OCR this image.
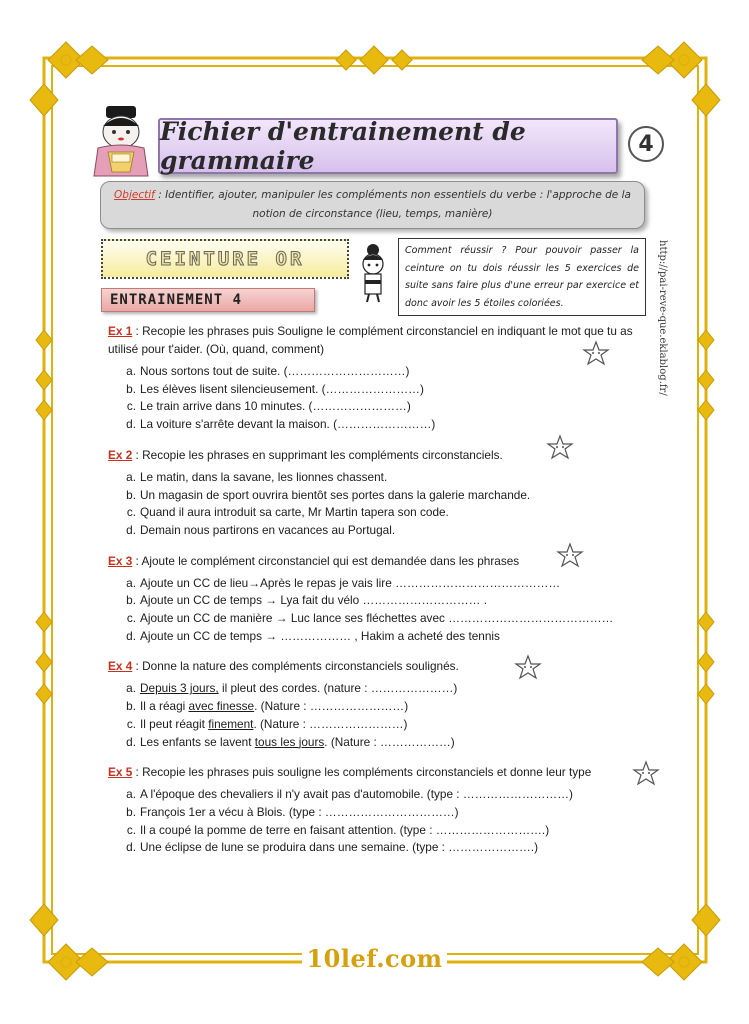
Fichier d'entrainement de grammaire
4
Objectif : Identifier, ajouter, manipuler les compléments non essentiels du verbe : l'approche de la
notion de circonstance (lieu, temps, manière)
CEINTURE OR
ENTRAINEMENT 4
Comment réussir ? Pour pouvoir passer la ceinture on tu dois réussir les 5 exercices de suite sans faire plus d'une erreur par exercice et donc avoir les 5 étoiles coloriées.	http://pai-reve-que.eklablog.fr/

Ex 1 : Recopie les phrases puis Souligne le complément circonstanciel en indiquant le mot que tu as utilisé pour t'aider. (Où, quand, comment)

a. Nous sortons tout de suite. (…………………………)
b. Les élèves lisent silencieusement. (……………………)
c. Le train arrive dans 10 minutes. (……………………)
d. La voiture s'arrête devant la maison. (……………………)

Ex 2 : Recopie les phrases en supprimant les compléments circonstanciels.

a. Le matin, dans la savane, les lionnes chassent.
b. Un magasin de sport ouvrira bientôt ses portes dans la galerie marchande.
c. Quand il aura introduit sa carte, Mr Martin tapera son code.
d. Demain nous partirons en vacances au Portugal.

Ex 3 : Ajoute le complément circonstanciel qui est demandée dans les phrases

a. Ajoute un CC de lieu→Après le repas je vais lire ……………………………………
b. Ajoute un CC de temps → Lya fait du vélo ………………………… .
c. Ajoute un CC de manière → Luc lance ses fléchettes avec ……………………………………
d. Ajoute un CC de temps → ……………… , Hakim a acheté des tennis

Ex 4 : Donne la nature des compléments circonstanciels soulignés.

a. Depuis 3 jours, il pleut des cordes. (nature : …………………)
b. Il a réagi avec finesse. (Nature : ……………………)
c. Il peut réagit finement. (Nature : ……………………)
d. Les enfants se lavent tous les jours. (Nature : ………………)

Ex 5 : Recopie les phrases puis souligne les compléments circonstanciels et donne leur type

a. A l'époque des chevaliers il n'y avait pas d'automobile. (type : ………………………)
b. François 1er a vécu à Blois. (type : ……………………………)
c. Il a coupé la pomme de terre en faisant attention. (type : ……………………….)
d. Une éclipse de lune se produira dans une semaine. (type : ………………….)
10lef.com
